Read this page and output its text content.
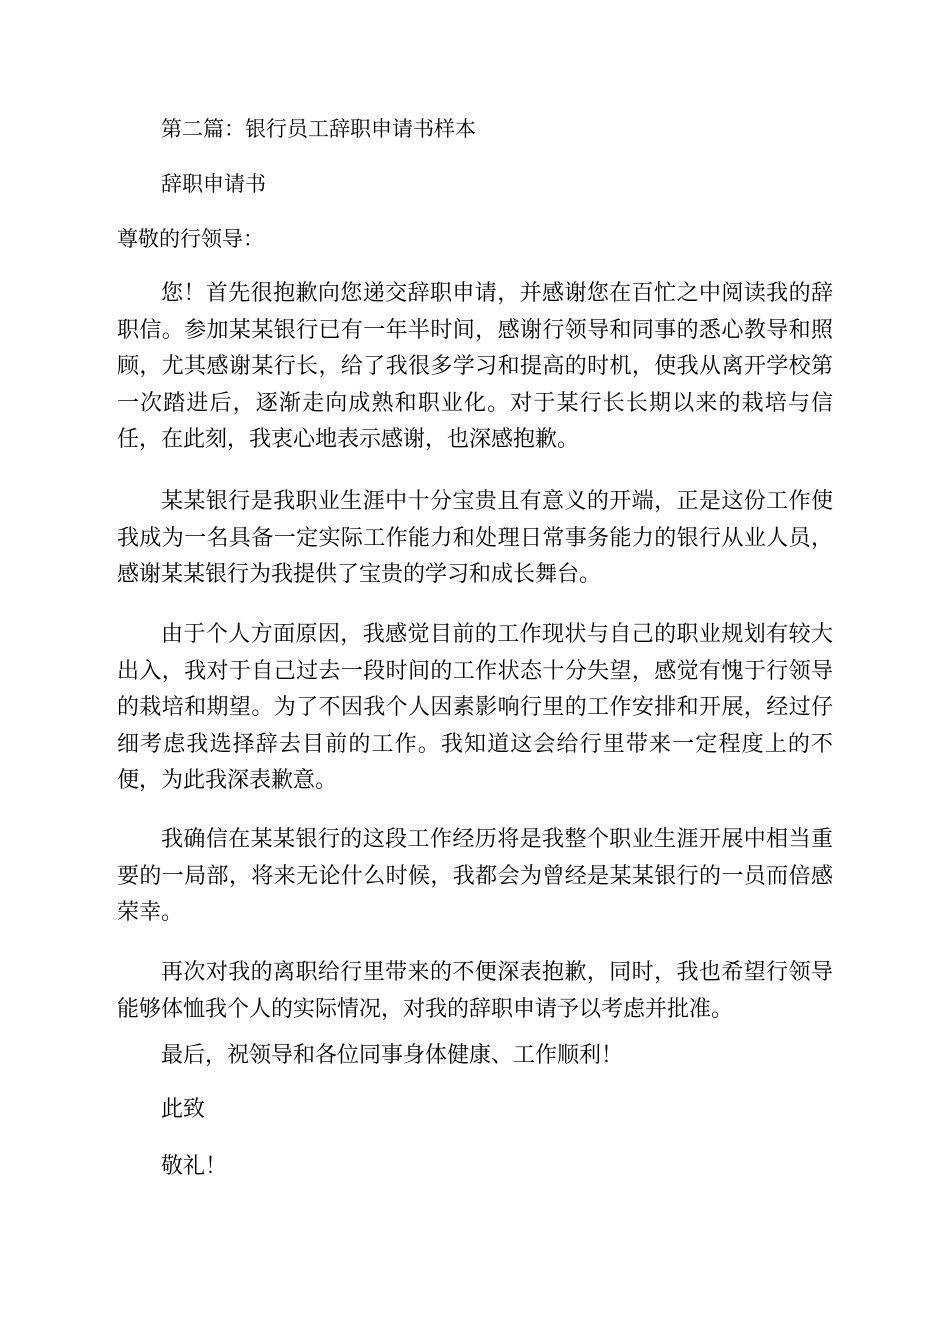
第二篇：银行员工辞职申请书样本

辞职申请书

尊敬的行领导：

您！首先很抱歉向您递交辞职申请，并感谢您在百忙之中阅读我的辞职信。参加某某银行已有一年半时间，感谢行领导和同事的悉心教导和照顾，尤其感谢某行长，给了我很多学习和提高的时机，使我从离开学校第一次踏进后，逐渐走向成熟和职业化。对于某行长长期以来的栽培与信任，在此刻，我衷心地表示感谢，也深感抱歉。

某某银行是我职业生涯中十分宝贵且有意义的开端，正是这份工作使我成为一名具备一定实际工作能力和处理日常事务能力的银行从业人员，感谢某某银行为我提供了宝贵的学习和成长舞台。

由于个人方面原因，我感觉目前的工作现状与自己的职业规划有较大出入，我对于自己过去一段时间的工作状态十分失望，感觉有愧于行领导的栽培和期望。为了不因我个人因素影响行里的工作安排和开展，经过仔细考虑我选择辞去目前的工作。我知道这会给行里带来一定程度上的不便，为此我深表歉意。

我确信在某某银行的这段工作经历将是我整个职业生涯开展中相当重要的一局部，将来无论什么时候，我都会为曾经是某某银行的一员而倍感荣幸。

再次对我的离职给行里带来的不便深表抱歉，同时，我也希望行领导能够体恤我个人的实际情况，对我的辞职申请予以考虑并批准。

最后，祝领导和各位同事身体健康、工作顺利！

此致

敬礼！
